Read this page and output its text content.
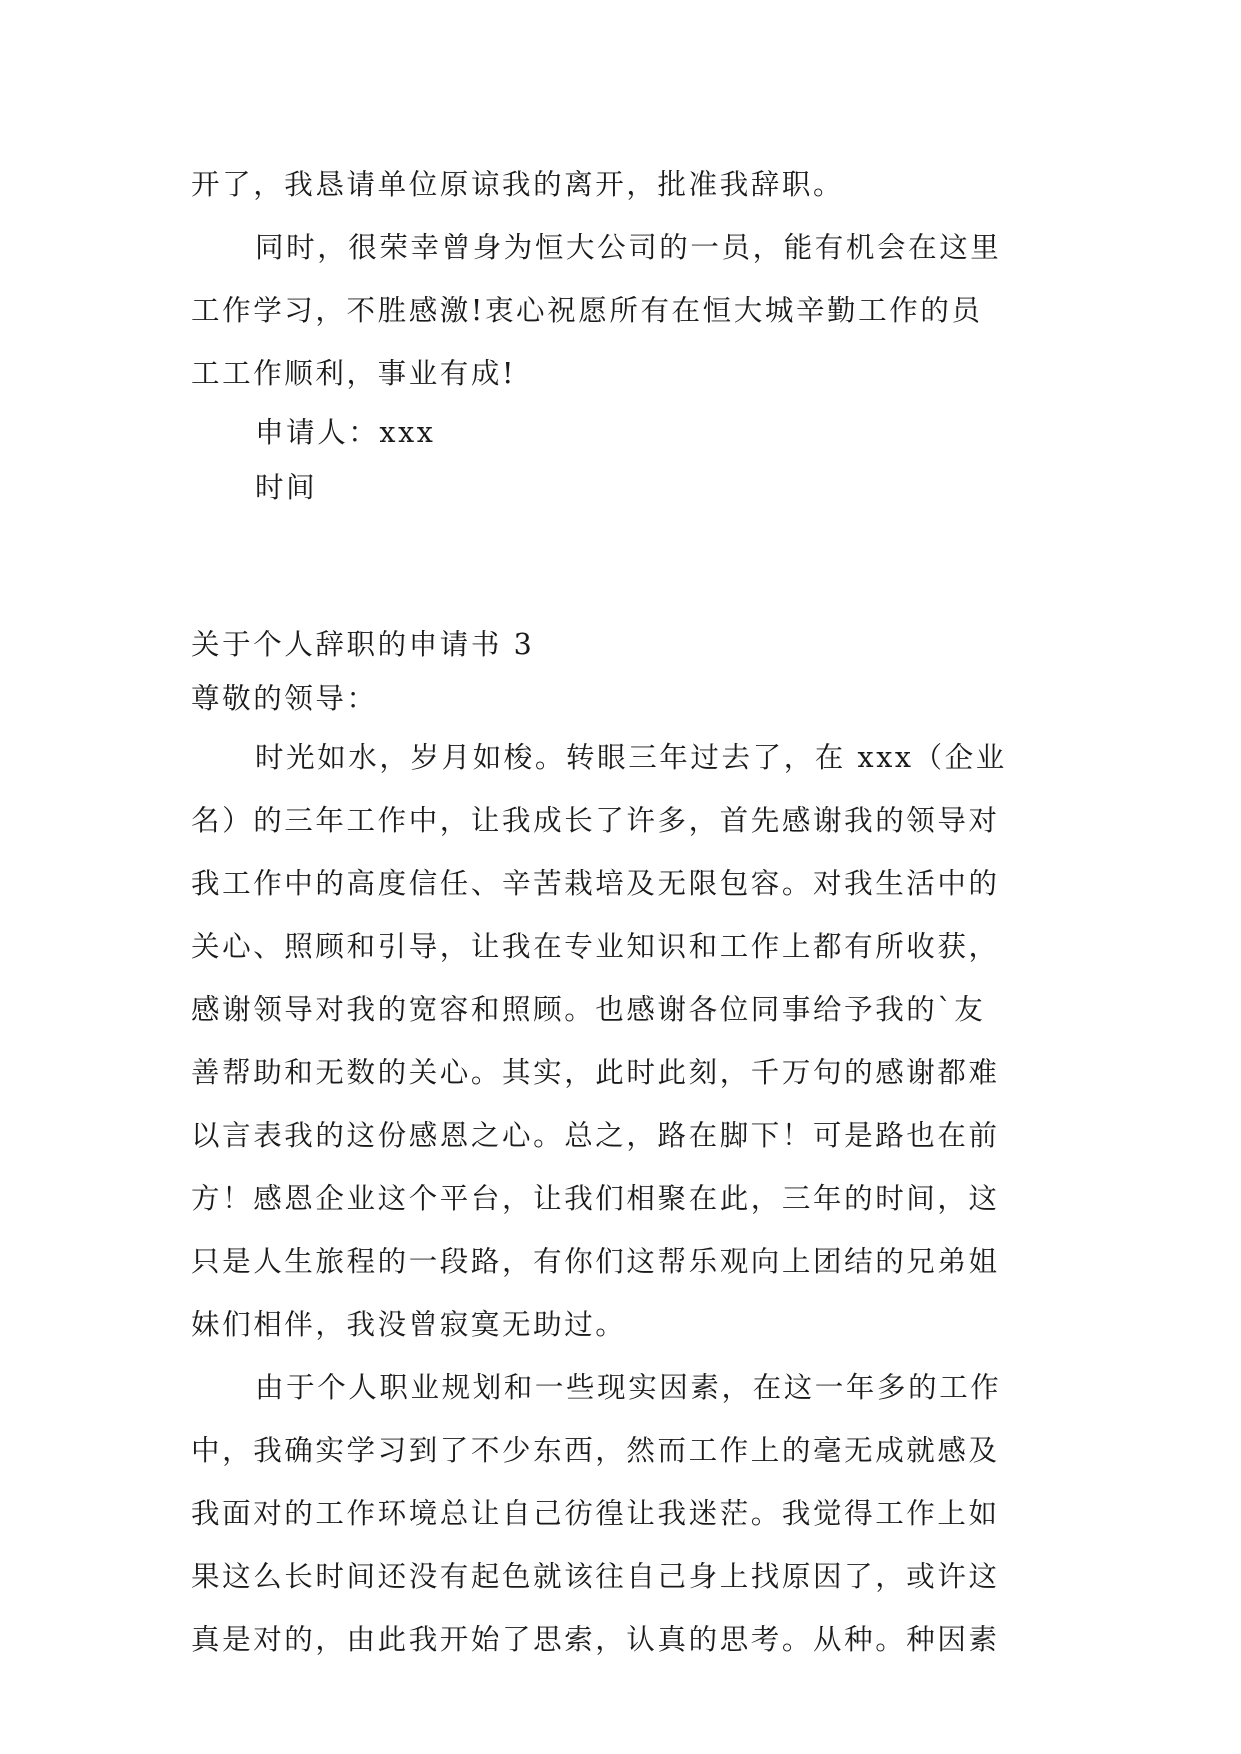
开了，我恳请单位原谅我的离开，批准我辞职。
同时，很荣幸曾身为恒大公司的一员，能有机会在这里
工作学习，不胜感激!衷心祝愿所有在恒大城辛勤工作的员
工工作顺利，事业有成!
申请人：xxx
时间
关于个人辞职的申请书 3
尊敬的领导：
时光如水，岁月如梭。转眼三年过去了，在 xxx（企业
名）的三年工作中，让我成长了许多，首先感谢我的领导对
我工作中的高度信任、辛苦栽培及无限包容。对我生活中的
关心、照顾和引导，让我在专业知识和工作上都有所收获，
感谢领导对我的宽容和照顾。也感谢各位同事给予我的`友
善帮助和无数的关心。其实，此时此刻，千万句的感谢都难
以言表我的这份感恩之心。总之，路在脚下！可是路也在前
方！感恩企业这个平台，让我们相聚在此，三年的时间，这
只是人生旅程的一段路，有你们这帮乐观向上团结的兄弟姐
妹们相伴，我没曾寂寞无助过。
由于个人职业规划和一些现实因素，在这一年多的工作
中，我确实学习到了不少东西，然而工作上的毫无成就感及
我面对的工作环境总让自己彷徨让我迷茫。我觉得工作上如
果这么长时间还没有起色就该往自己身上找原因了，或许这
真是对的，由此我开始了思索，认真的思考。从种。种因素
